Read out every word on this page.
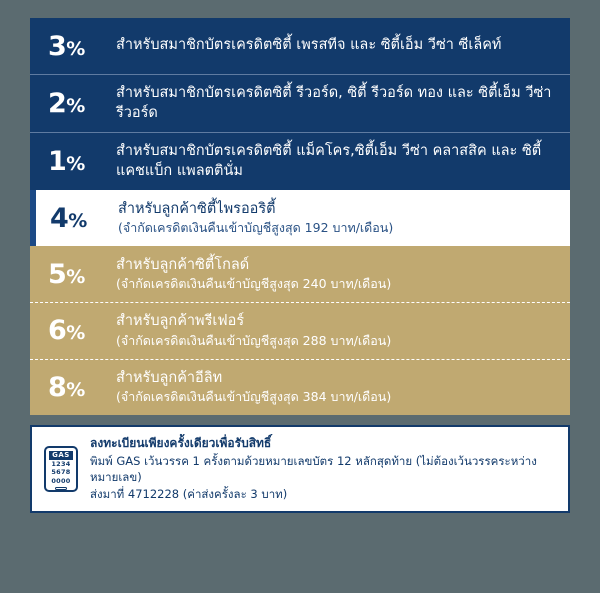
3%	สำหรับสมาชิกบัตรเครดิตซิตี้ เพรสทีจ และ ซิตี้เอ็ม วีซ่า ซีเล็คท์
2%
สำหรับสมาชิกบัตรเครดิตซิตี้ รีวอร์ด, ซิตี้ รีวอร์ด ทอง และ ซิตี้เอ็ม วีซ่า รีวอร์ด
1%
สำหรับสมาชิกบัตรเครดิตซิตี้ แม็คโคร,ซิตี้เอ็ม วีซ่า คลาสสิค และ ซิตี้ แคชแบ็ก แพลตตินั่ม
4%
สำหรับลูกค้าซิตี้ไพรออริตี้
(จำกัดเครดิตเงินคืนเข้าบัญชีสูงสุด 192 บาท/เดือน)
5%
สำหรับลูกค้าซิตี้โกลด์
(จำกัดเครดิตเงินคืนเข้าบัญชีสูงสุด 240 บาท/เดือน)
6%
สำหรับลูกค้าพรีเฟอร์
(จำกัดเครดิตเงินคืนเข้าบัญชีสูงสุด 288 บาท/เดือน)
8%
สำหรับลูกค้าอีลิท
(จำกัดเครดิตเงินคืนเข้าบัญชีสูงสุด 384 บาท/เดือน)
GAS
1234
5678
0000
ลงทะเบียนเพียงครั้งเดียวเพื่อรับสิทธิ์
พิมพ์ GAS เว้นวรรค 1 ครั้งตามด้วยหมายเลขบัตร 12 หลักสุดท้าย (ไม่ต้องเว้นวรรคระหว่างหมายเลข)
ส่งมาที่ 4712228 (ค่าส่งครั้งละ 3 บาท)
